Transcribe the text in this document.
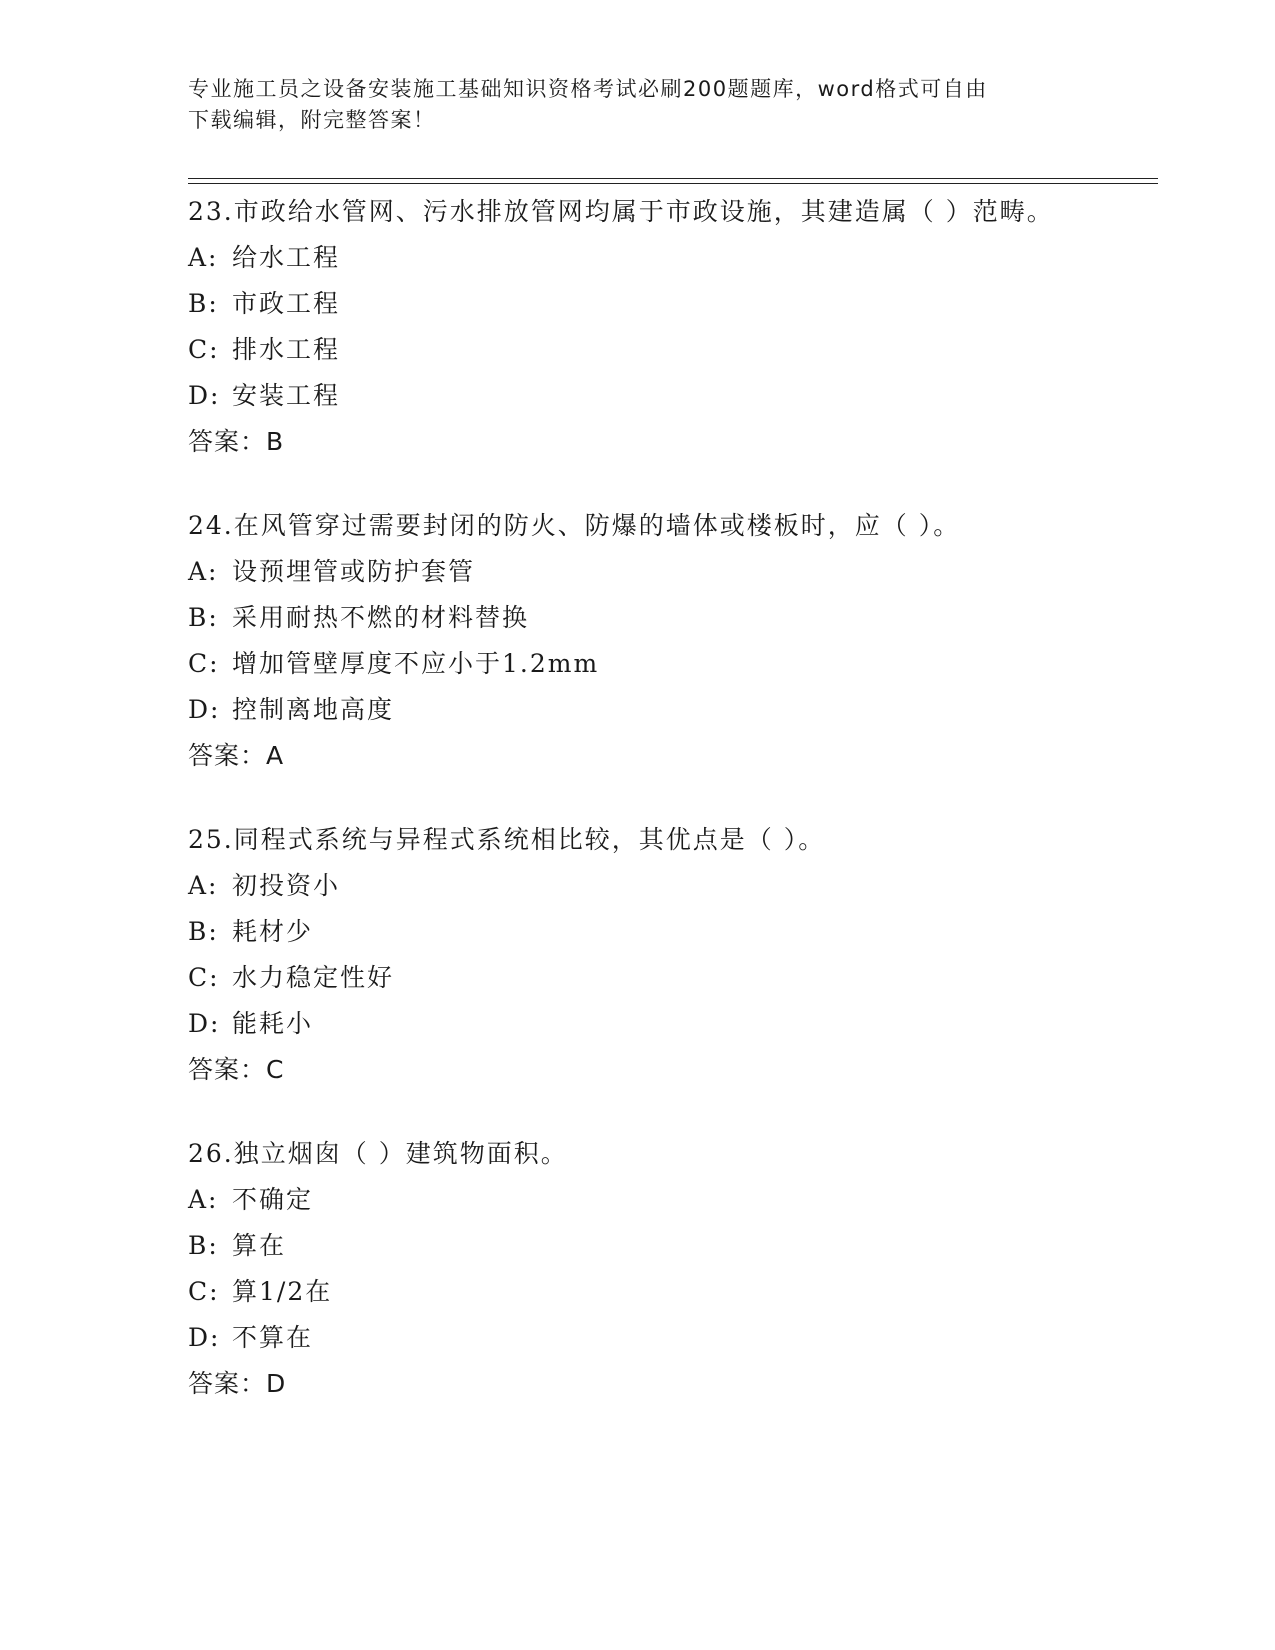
专业施工员之设备安装施工基础知识资格考试必刷200题题库，word格式可自由
下载编辑，附完整答案！
23.市政给水管网、污水排放管网均属于市政设施，其建造属（ ）范畴。
A: 给水工程
B: 市政工程
C: 排水工程
D: 安装工程
答案：B
24.在风管穿过需要封闭的防火、防爆的墙体或楼板时，应（ ）。
A: 设预埋管或防护套管
B: 采用耐热不燃的材料替换
C: 增加管壁厚度不应小于1.2mm
D: 控制离地高度
答案：A
25.同程式系统与异程式系统相比较，其优点是（ ）。
A: 初投资小
B: 耗材少
C: 水力稳定性好
D: 能耗小
答案：C
26.独立烟囱（ ）建筑物面积。
A: 不确定
B: 算在
C: 算1/2在
D: 不算在
答案：D
